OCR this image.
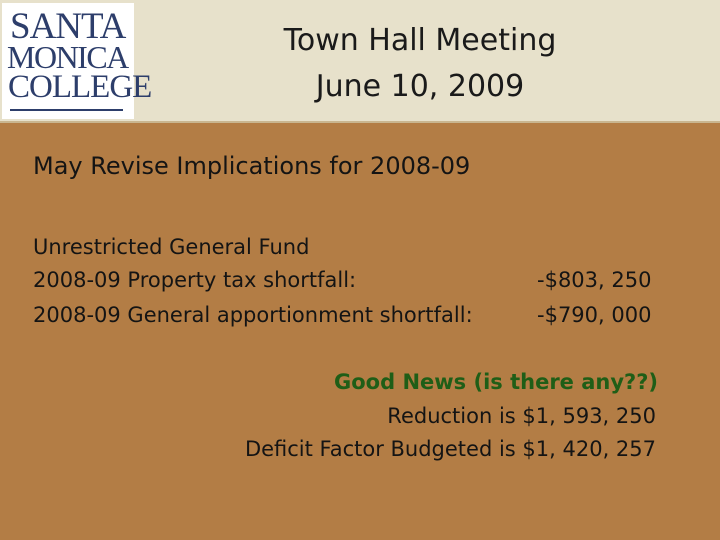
SANTA
MONICA
COLLEGE
Town Hall Meeting
June 10, 2009
May Revise Implications for 2008-09
Unrestricted General Fund
2008-09 Property tax shortfall:	-$803, 250
2008-09 General apportionment shortfall:	-$790, 000
Good News (is there any??)
Reduction is $1, 593, 250
Deficit Factor Budgeted is $1, 420, 257
